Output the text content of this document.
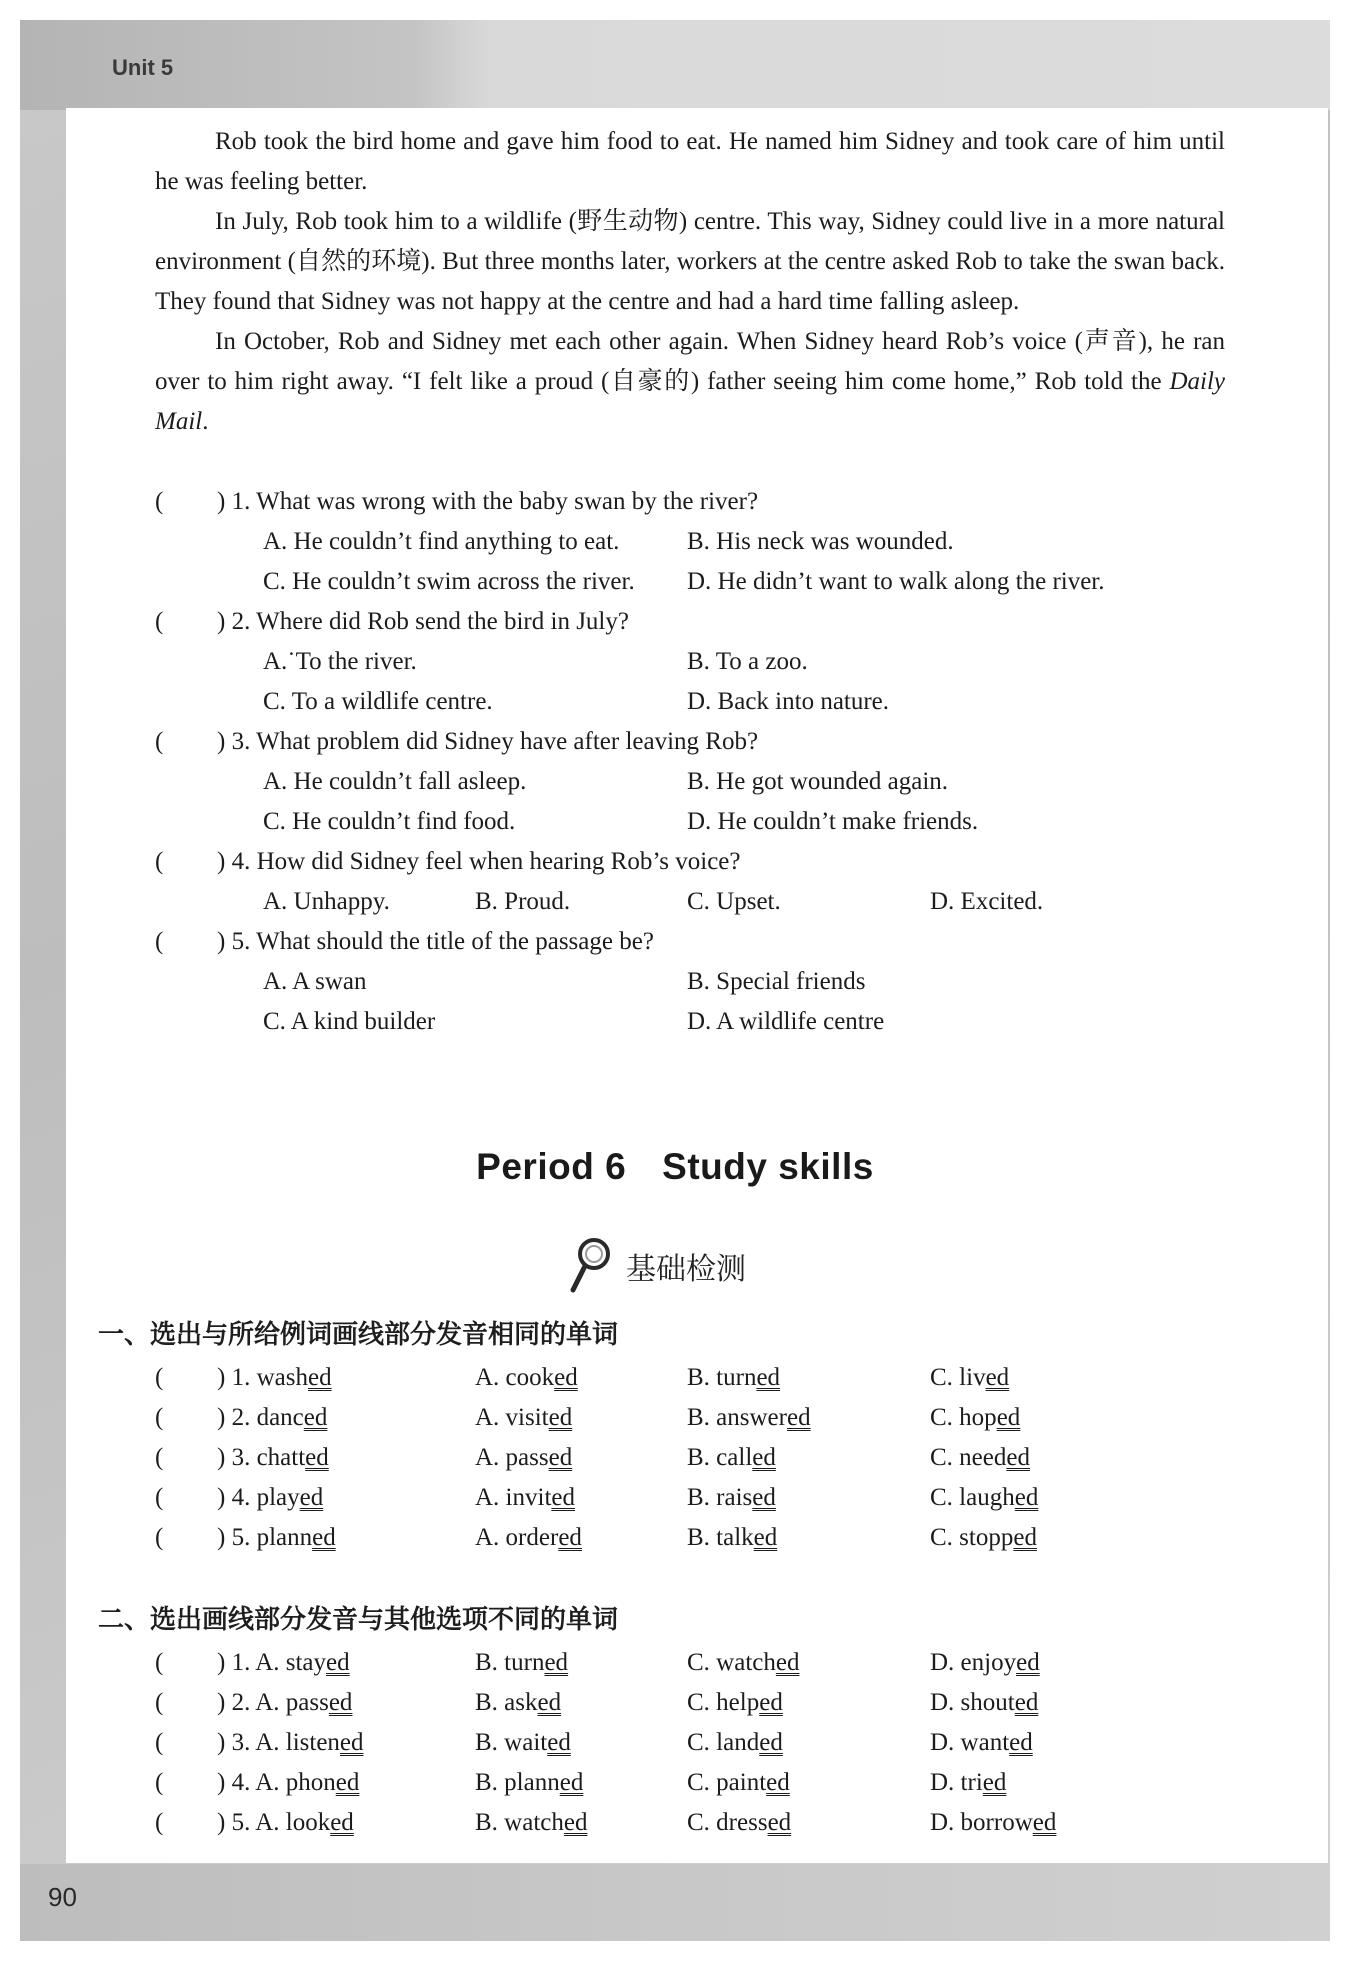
Unit 5
90

Rob took the bird home and gave him food to eat. He named him Sidney and took care of him until he was feeling better.

In July, Rob took him to a wildlife (野生动物) centre. This way, Sidney could live in a more natural environment (自然的环境). But three months later, workers at the centre asked Rob to take the swan back. They found that Sidney was not happy at the centre and had a hard time falling asleep.

In October, Rob and Sidney met each other again. When Sidney heard Rob’s voice (声音), he ran over to him right away. “I felt like a proud (自豪的) father seeing him come home,” Rob told the Daily Mail.

( ) 1. What was wrong with the baby swan by the river?
A. He couldn’t find anything to eat.	B. His neck was wounded.
C. He couldn’t swim across the river. D. He didn’t want to walk along the river.
( ) 2. Where did Rob send the bird in July?
A.˙To the river.	B. To a zoo.
C. To a wildlife centre.	D. Back into nature.
( ) 3. What problem did Sidney have after leaving Rob?
A. He couldn’t fall asleep.	B. He got wounded again.
C. He couldn’t find food.	D. He couldn’t make friends.
( ) 4. How did Sidney feel when hearing Rob’s voice?
A. Unhappy.	B. Proud.	C. Upset.	D. Excited.
( ) 5. What should the title of the passage be?
A. A swan	B. Special friends
C. A kind builder	D. A wildlife centre
Period 6 Study skills
基础检测
一、选出与所给例词画线部分发音相同的单词
( ) 1. washed	A. cooked	B. turned	C. lived
( ) 2. danced	A. visited	B. answered	C. hoped
( ) 3. chatted	A. passed	B. called	C. needed
( ) 4. played	A. invited	B. raised	C. laughed
( ) 5. planned	A. ordered	B. talked	C. stopped
二、选出画线部分发音与其他选项不同的单词
( ) 1. A. stayed	B. turned	C. watched	D. enjoyed
( ) 2. A. passed	B. asked	C. helped	D. shouted
( ) 3. A. listened	B. waited	C. landed	D. wanted
( ) 4. A. phoned	B. planned	C. painted	D. tried
( ) 5. A. looked	B. watched	C. dressed	D. borrowed
